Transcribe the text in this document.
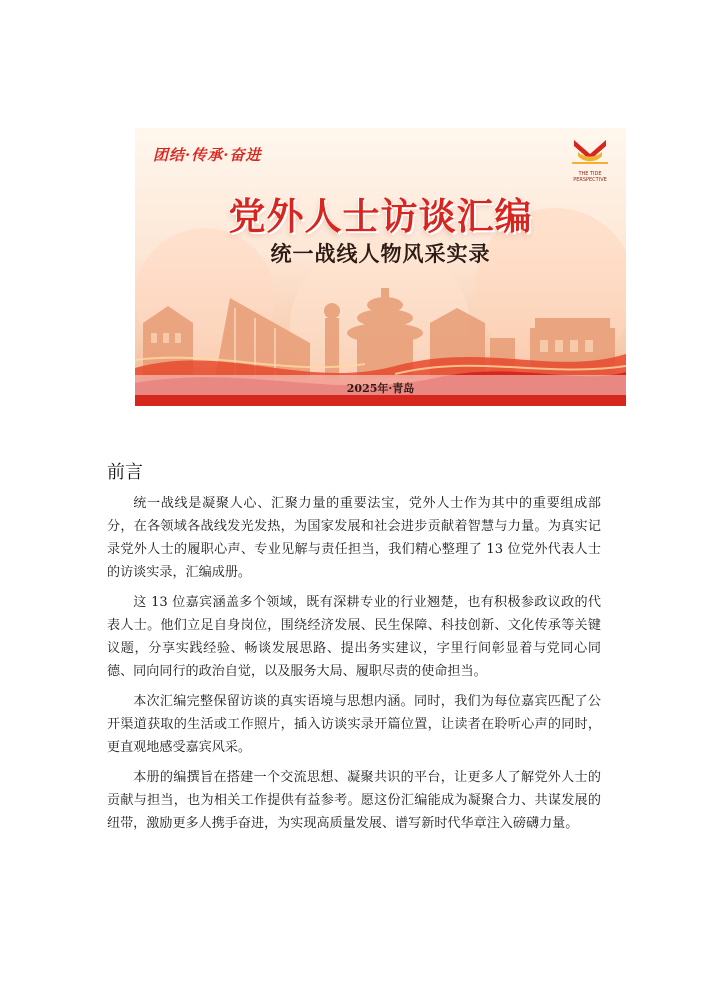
团结·传承·奋进
THE TIDE PERSPECTIVE
党外人士访谈汇编
统一战线人物风采实录
2025年·青岛
前言

统一战线是凝聚人心、汇聚力量的重要法宝，党外人士作为其中的重要组成部分，在各领域各战线发光发热，为国家发展和社会进步贡献着智慧与力量。为真实记录党外人士的履职心声、专业见解与责任担当，我们精心整理了 13 位党外代表人士的访谈实录，汇编成册。

这 13 位嘉宾涵盖多个领域，既有深耕专业的行业翘楚，也有积极参政议政的代表人士。他们立足自身岗位，围绕经济发展、民生保障、科技创新、文化传承等关键议题，分享实践经验、畅谈发展思路、提出务实建议，字里行间彰显着与党同心同德、同向同行的政治自觉，以及服务大局、履职尽责的使命担当。

本次汇编完整保留访谈的真实语境与思想内涵。同时，我们为每位嘉宾匹配了公开渠道获取的生活或工作照片，插入访谈实录开篇位置，让读者在聆听心声的同时，更直观地感受嘉宾风采。

本册的编撰旨在搭建一个交流思想、凝聚共识的平台，让更多人了解党外人士的贡献与担当，也为相关工作提供有益参考。愿这份汇编能成为凝聚合力、共谋发展的纽带，激励更多人携手奋进，为实现高质量发展、谱写新时代华章注入磅礴力量。
